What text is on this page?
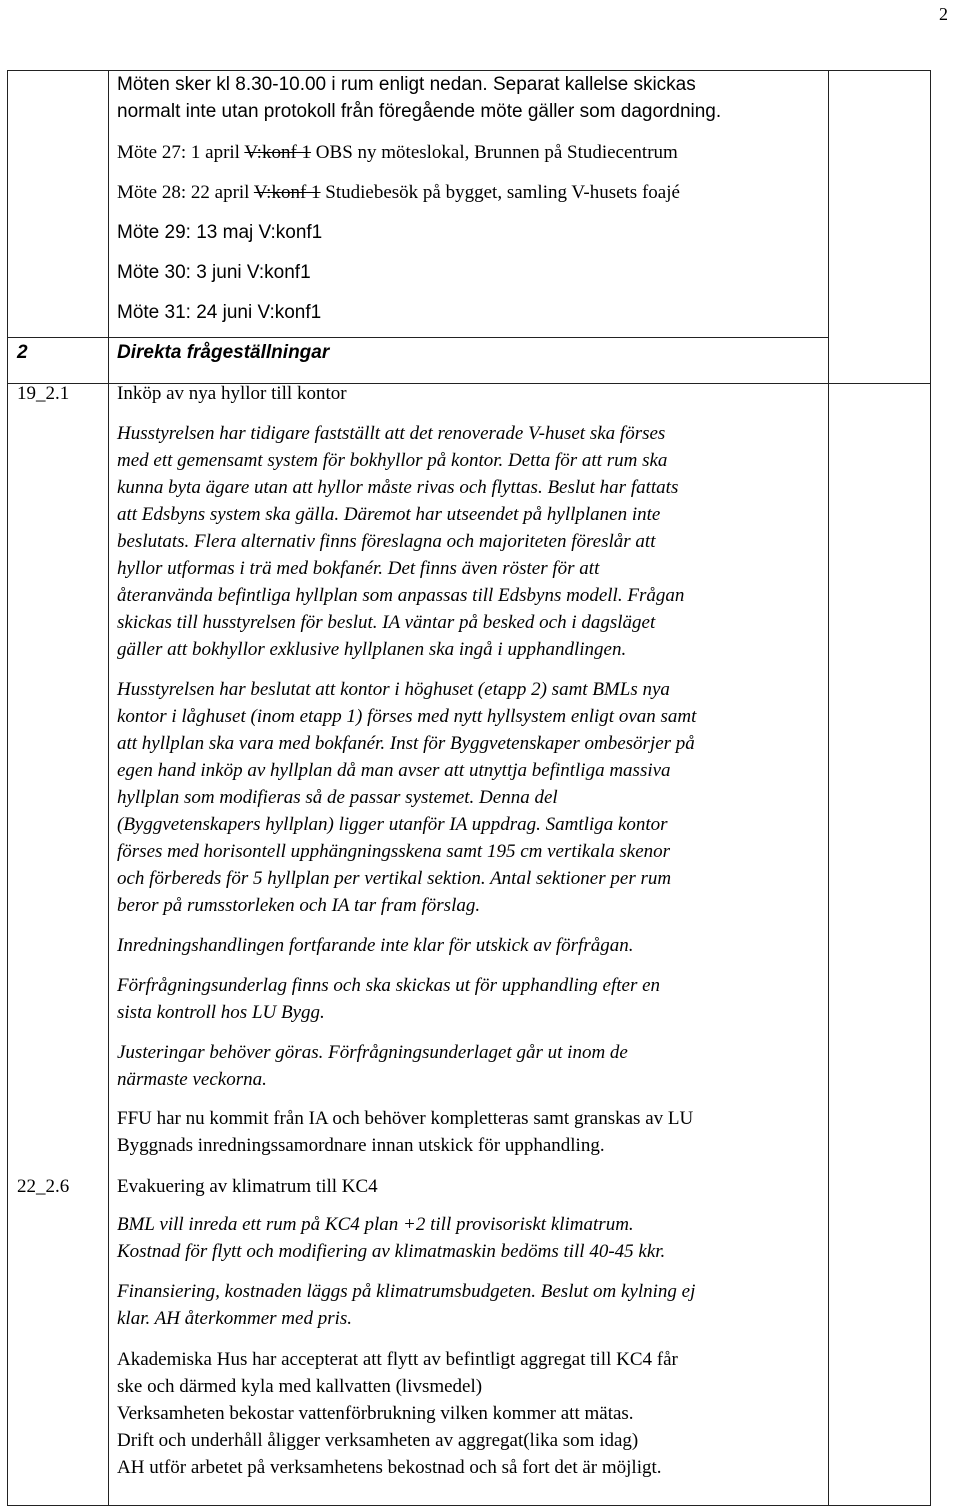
2

Möten sker kl 8.30-10.00 i rum enligt nedan. Separat kallelse skickas

normalt inte utan protokoll från föregående möte gäller som dagordning.

Möte 27: 1 april V:konf 1 OBS ny möteslokal, Brunnen på Studiecentrum
Möte 28: 22 april V:konf 1 Studiebesök på bygget, samling V-husets foajé
Möte 29: 13 maj V:konf1
Möte 30: 3 juni V:konf1
Möte 31: 24 juni V:konf1
2	Direkta frågeställningar
19_2.1	Inköp av nya hyllor till kontor

Husstyrelsen har tidigare fastställt att det renoverade V-huset ska förses

med ett gemensamt system för bokhyllor på kontor. Detta för att rum ska

kunna byta ägare utan att hyllor måste rivas och flyttas. Beslut har fattats

att Edsbyns system ska gälla. Däremot har utseendet på hyllplanen inte

beslutats. Flera alternativ finns föreslagna och majoriteten föreslår att

hyllor utformas i trä med bokfanér. Det finns även röster för att

återanvända befintliga hyllplan som anpassas till Edsbyns modell. Frågan

skickas till husstyrelsen för beslut. IA väntar på besked och i dagsläget

gäller att bokhyllor exklusive hyllplanen ska ingå i upphandlingen.

Husstyrelsen har beslutat att kontor i höghuset (etapp 2) samt BMLs nya

kontor i låghuset (inom etapp 1) förses med nytt hyllsystem enligt ovan samt

att hyllplan ska vara med bokfanér. Inst för Byggvetenskaper ombesörjer på

egen hand inköp av hyllplan då man avser att utnyttja befintliga massiva

hyllplan som modifieras så de passar systemet. Denna del

(Byggvetenskapers hyllplan) ligger utanför IA uppdrag. Samtliga kontor

förses med horisontell upphängningsskena samt 195 cm vertikala skenor

och förbereds för 5 hyllplan per vertikal sektion. Antal sektioner per rum

beror på rumsstorleken och IA tar fram förslag.

Inredningshandlingen fortfarande inte klar för utskick av förfrågan.

Förfrågningsunderlag finns och ska skickas ut för upphandling efter en

sista kontroll hos LU Bygg.

Justeringar behöver göras. Förfrågningsunderlaget går ut inom de

närmaste veckorna.

FFU har nu kommit från IA och behöver kompletteras samt granskas av LU

Byggnads inredningssamordnare innan utskick för upphandling.

22_2.6	Evakuering av klimatrum till KC4

BML vill inreda ett rum på KC4 plan +2 till provisoriskt klimatrum.

Kostnad för flytt och modifiering av klimatmaskin bedöms till 40-45 kkr.

Finansiering, kostnaden läggs på klimatrumsbudgeten. Beslut om kylning ej

klar. AH återkommer med pris.

Akademiska Hus har accepterat att flytt av befintligt aggregat till KC4 får

ske och därmed kyla med kallvatten (livsmedel)

Verksamheten bekostar vattenförbrukning vilken kommer att mätas.

Drift och underhåll åligger verksamheten av aggregat(lika som idag)

AH utför arbetet på verksamhetens bekostnad och så fort det är möjligt.
